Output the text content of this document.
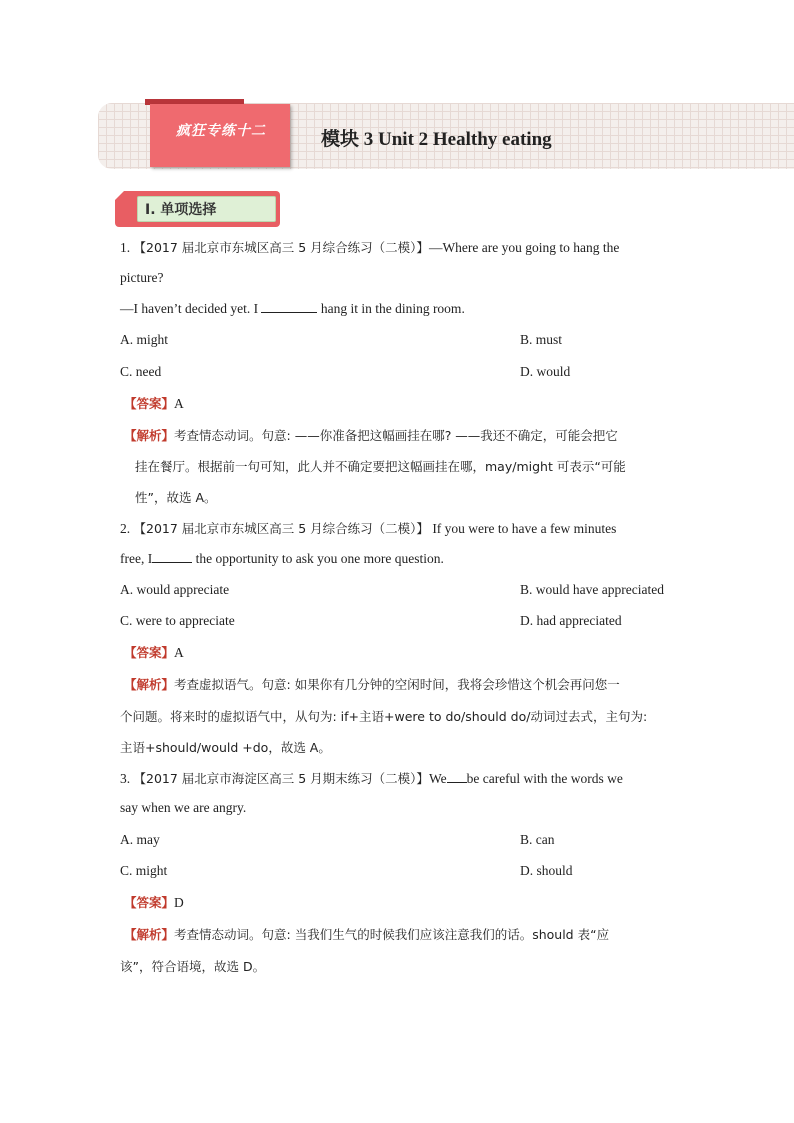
疯狂专练十二	模块 3 Unit 2 Healthy eating
Ⅰ. 单项选择
1. 【2017 届北京市东城区高三 5 月综合练习（二模）】—Where are you going to hang the
picture?
—I haven’t decided yet. I	hang it in the dining room.
A. might	B. must
C. need	D. would
【答案】A
【解析】考查情态动词。句意: ——你准备把这幅画挂在哪? ——我还不确定，可能会把它
挂在餐厅。根据前一句可知，此人并不确定要把这幅画挂在哪，may/might 可表示“可能
性”，故选 A。
2. 【2017 届北京市东城区高三 5 月综合练习（二模）】 If you were to have a few minutes
free, I	the opportunity to ask you one more question.
A. would appreciate	B. would have appreciated
C. were to appreciate	D. had appreciated
【答案】A
【解析】考查虚拟语气。句意: 如果你有几分钟的空闲时间，我将会珍惜这个机会再问您一
个问题。将来时的虚拟语气中，从句为: if+主语+were to do/should do/动词过去式，主句为:
主语+should/would +do，故选 A。
3. 【2017 届北京市海淀区高三 5 月期末练习（二模）】We be careful with the words we
say when we are angry.
A. may	B. can
C. might	D. should
【答案】D
【解析】考查情态动词。句意: 当我们生气的时候我们应该注意我们的话。should 表“应
该”，符合语境，故选 D。
